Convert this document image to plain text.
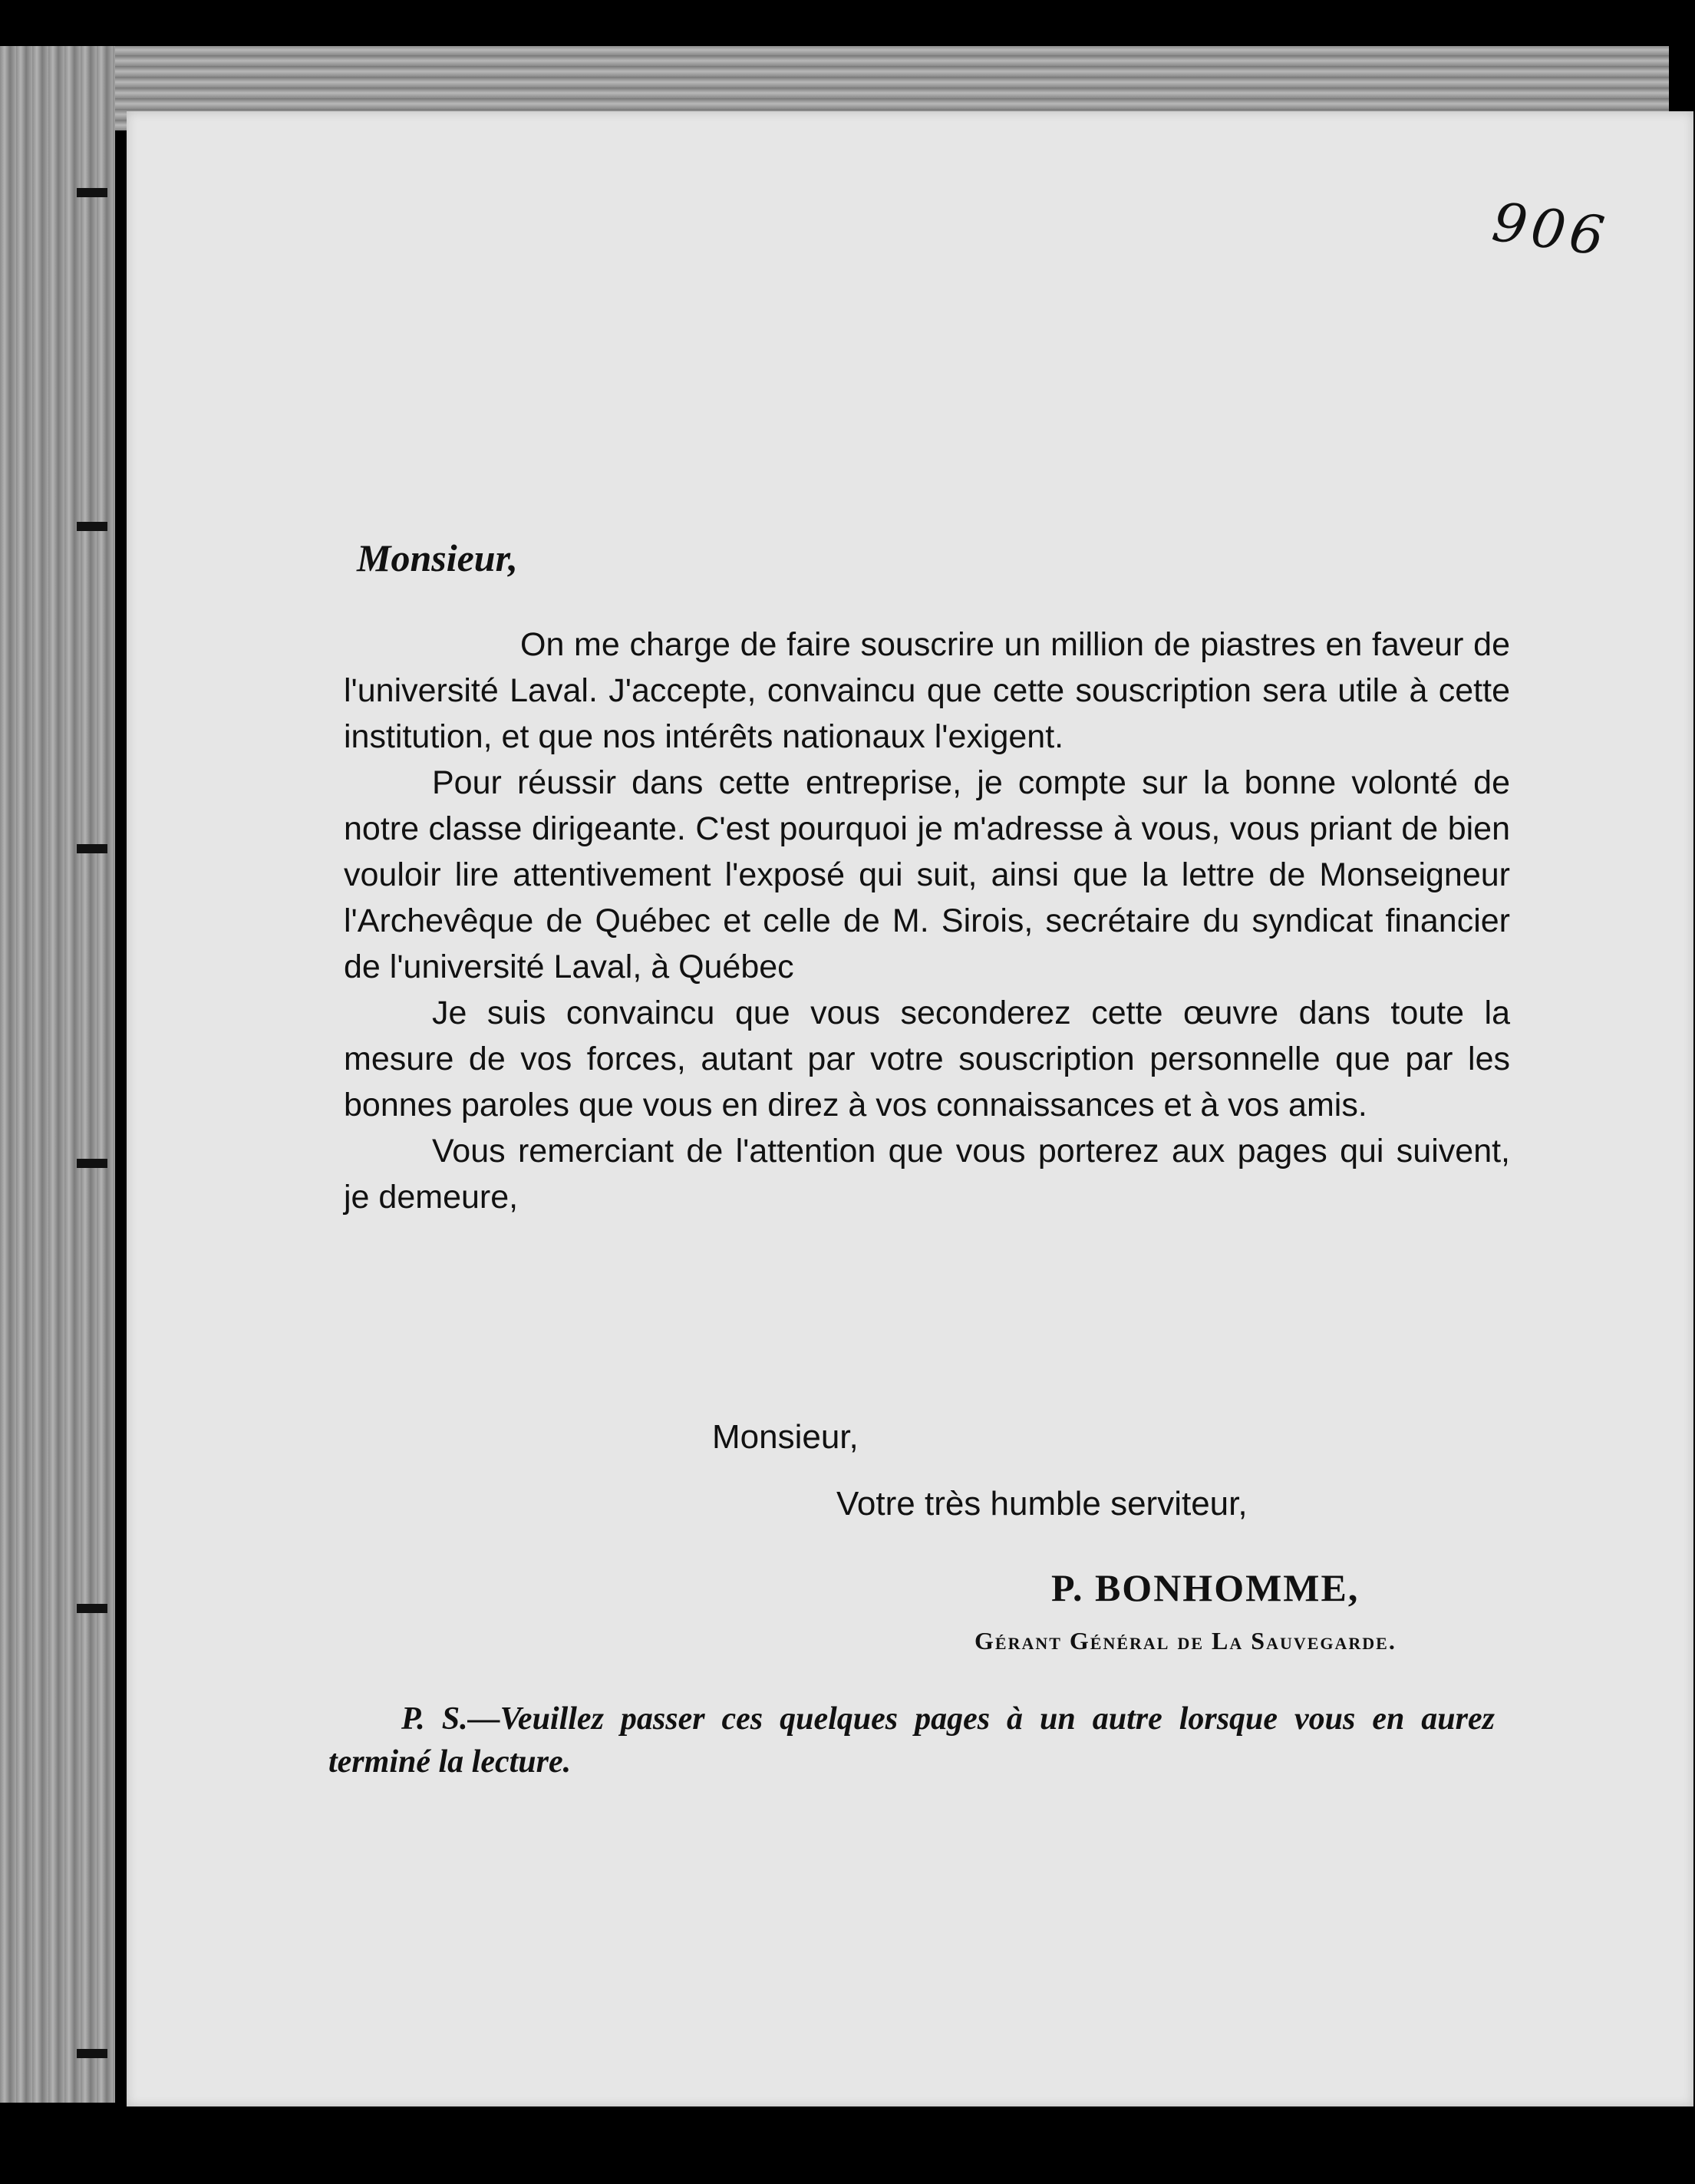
906
Monsieur,

On me charge de faire souscrire un million de piastres en faveur de l'université Laval. J'accepte, convaincu que cette souscription sera utile à cette institution, et que nos intérêts nationaux l'exigent.

Pour réussir dans cette entreprise, je compte sur la bonne volonté de notre classe dirigeante. C'est pourquoi je m'adresse à vous, vous priant de bien vouloir lire attentivement l'exposé qui suit, ainsi que la lettre de Monseigneur l'Archevêque de Québec et celle de M. Sirois, secrétaire du syndicat financier de l'université Laval, à Québec

Je suis convaincu que vous seconderez cette œuvre dans toute la mesure de vos forces, autant par votre souscription personnelle que par les bonnes paroles que vous en direz à vos connaissances et à vos amis.

Vous remerciant de l'attention que vous porterez aux pages qui suivent, je demeure,

Monsieur,
Votre très humble serviteur,
P. BONHOMME,
Gérant Général de La Sauvegarde.
P. S.—Veuillez passer ces quelques pages à un autre lorsque vous en aurez terminé la lecture.
